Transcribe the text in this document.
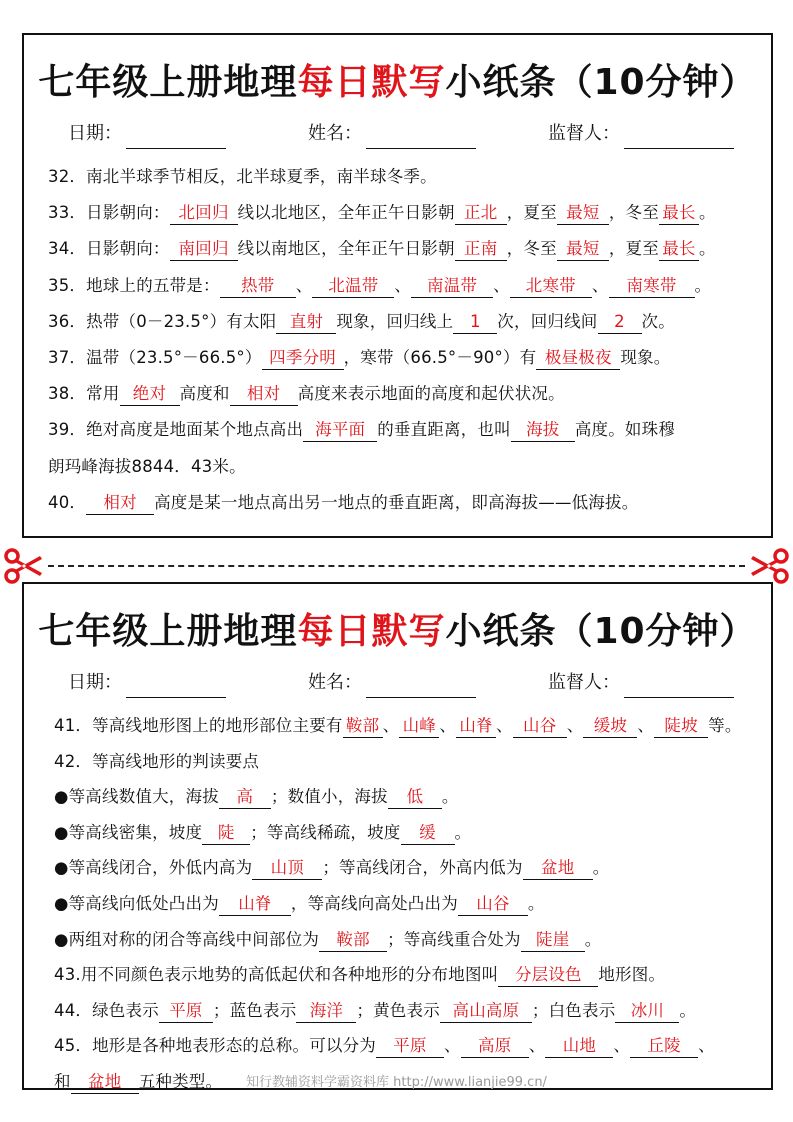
七年级上册地理每日默写小纸条（10分钟）
日期：	姓名：	监督人：
32．南北半球季节相反，北半球夏季，南半球冬季。
33．日影朝向： 北回归 线以北地区，全年正午日影朝 正北 ，夏至 最短 ，冬至 最长 。
34．日影朝向： 南回归 线以南地区，全年正午日影朝 正南 ，冬至 最短 ，夏至 最长 。
35．地球上的五带是： 热带 、 北温带 、 南温带 、 北寒带 、 南寒带 。
36．热带（0－23.5°）有太阳 直射 现象，回归线上 1 次，回归线间 2 次。
37．温带（23.5°－66.5°） 四季分明 ，寒带（66.5°－90°）有 极昼极夜 现象。
38．常用 绝对 高度和 相对 高度来表示地面的高度和起伏状况。
39．绝对高度是地面某个地点高出 海平面 的垂直距离，也叫 海拔 高度。如珠穆
朗玛峰海拔8844．43米。
40． 相对 高度是某一地点高出另一地点的垂直距离，即高海拔——低海拔。
七年级上册地理每日默写小纸条（10分钟）
日期：	姓名：	监督人：
41．等高线地形图上的地形部位主要有 鞍部 、 山峰 、 山脊 、 山谷 、 缓坡 、 陡坡 等。
42．等高线地形的判读要点
●等高线数值大，海拔 高 ；数值小，海拔 低 。
●等高线密集，坡度 陡 ；等高线稀疏，坡度 缓 。
●等高线闭合，外低内高为 山顶 ；等高线闭合，外高内低为 盆地 。
●等高线向低处凸出为 山脊 ，等高线向高处凸出为 山谷 。
●两组对称的闭合等高线中间部位为 鞍部 ；等高线重合处为 陡崖 。
43.用不同颜色表示地势的高低起伏和各种地形的分布地图叫 分层设色 地形图。
44．绿色表示 平原 ；蓝色表示 海洋 ；黄色表示 高山高原 ；白色表示 冰川 。
45．地形是各种地表形态的总称。可以分为 平原 、 高原 、 山地 、 丘陵 、
和 盆地 五种类型。	知行教辅资料学霸资料库 http://www.lianjie99.cn/
